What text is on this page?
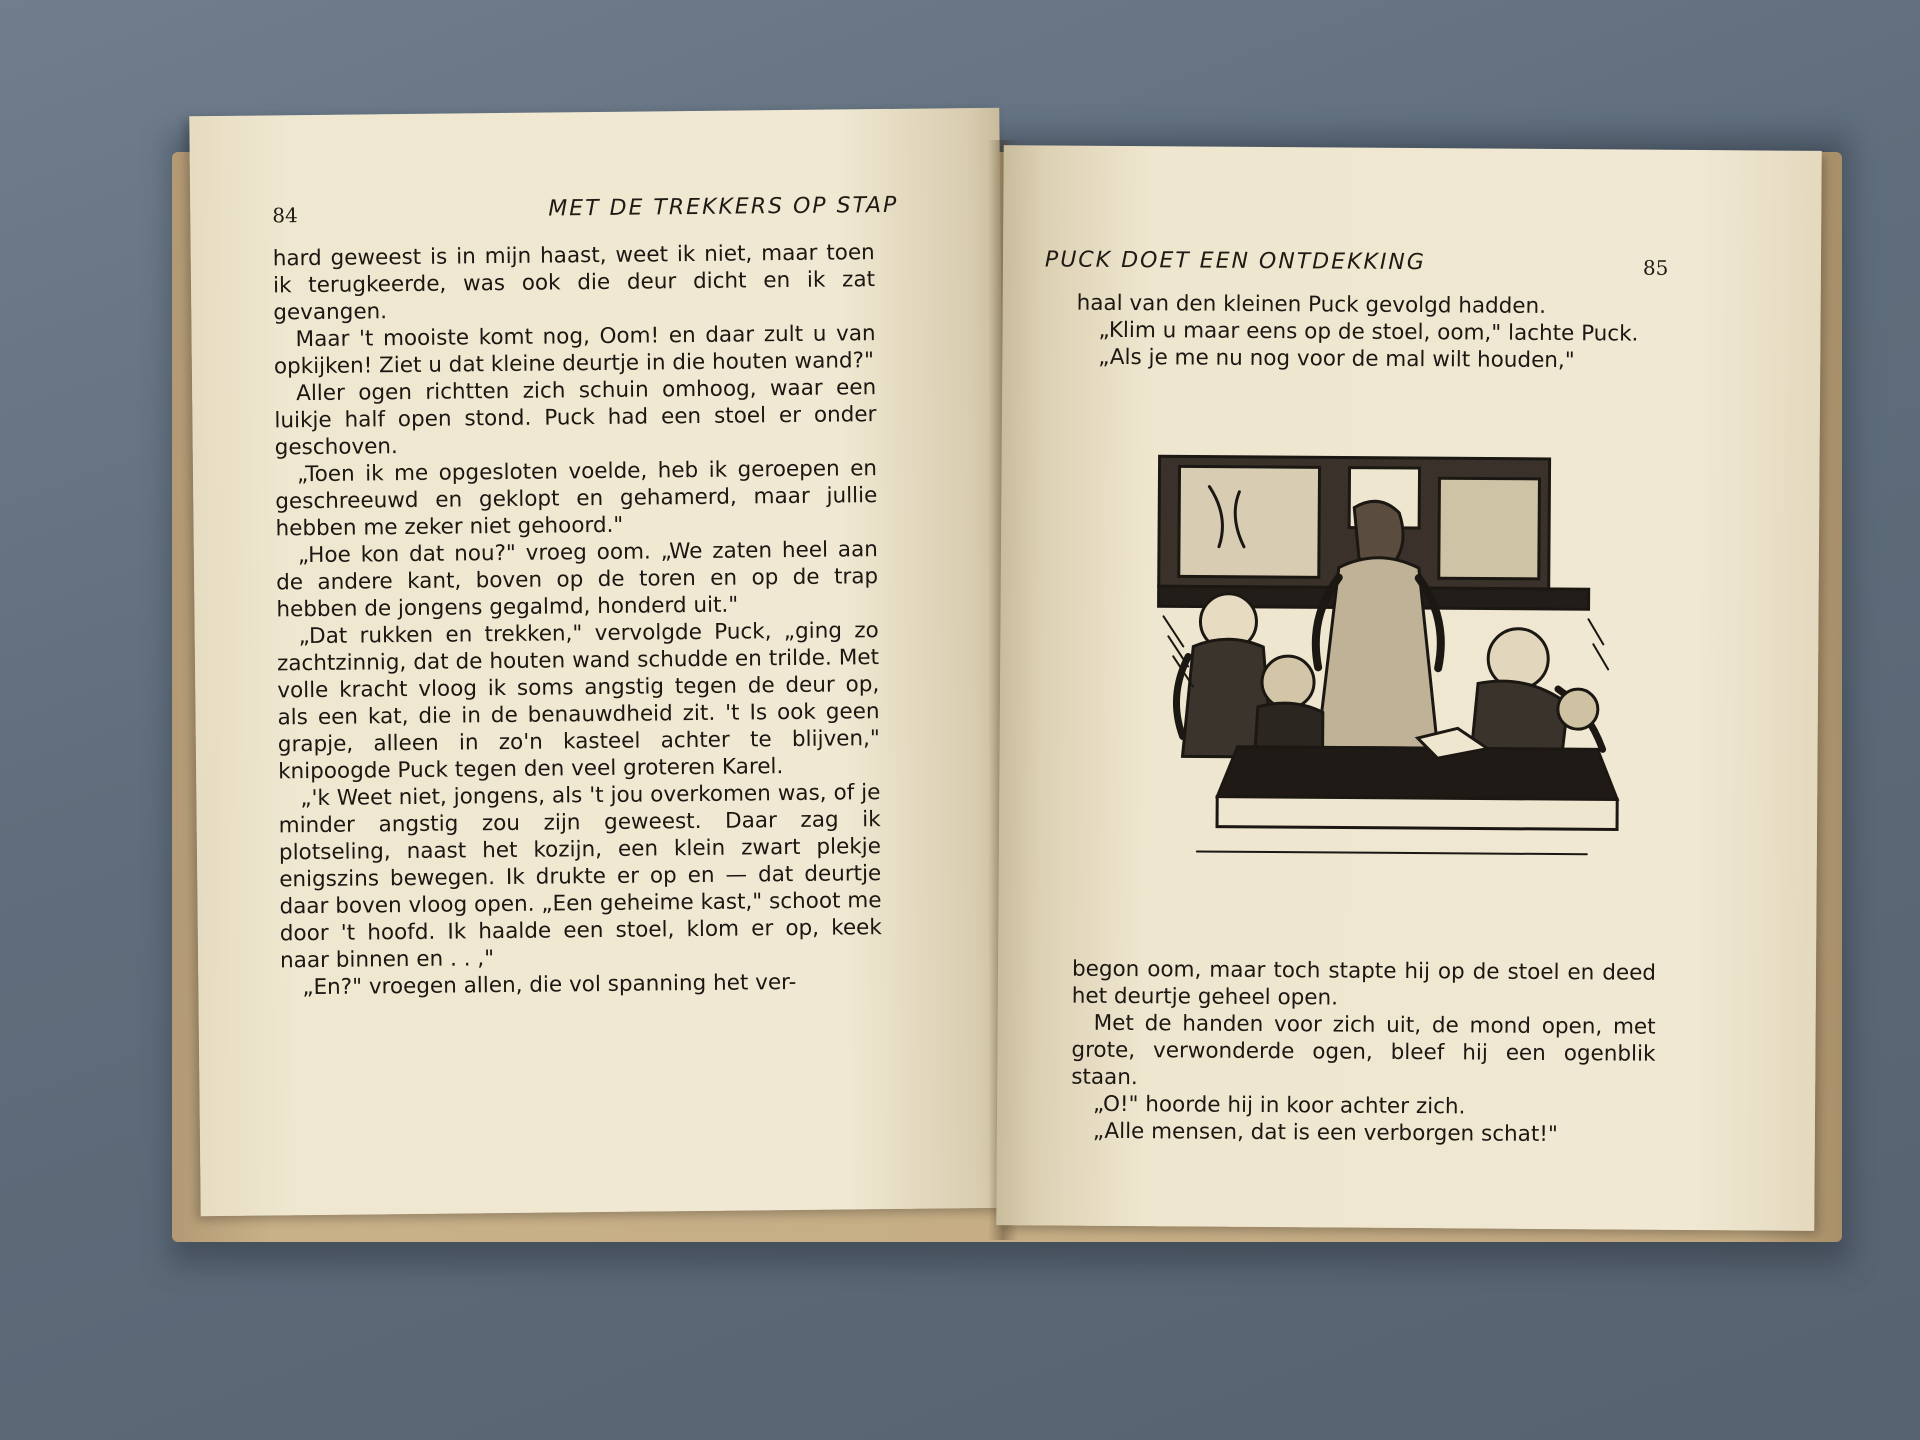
84	MET DE TREKKERS OP STAP

hard geweest is in mijn haast, weet ik niet, maar toen ik terugkeerde, was ook die deur dicht en ik zat gevangen.

Maar 't mooiste komt nog, Oom! en daar zult u van opkijken! Ziet u dat kleine deurtje in die houten wand?"

Aller ogen richtten zich schuin omhoog, waar een luikje half open stond. Puck had een stoel er onder geschoven.

„Toen ik me opgesloten voelde, heb ik geroepen en geschreeuwd en geklopt en gehamerd, maar jullie hebben me zeker niet gehoord."

„Hoe kon dat nou?" vroeg oom. „We zaten heel aan de andere kant, boven op de toren en op de trap hebben de jongens gegalmd, honderd uit."

„Dat rukken en trekken," vervolgde Puck, „ging zo zachtzinnig, dat de houten wand schudde en trilde. Met volle kracht vloog ik soms angstig tegen de deur op, als een kat, die in de benauwdheid zit. 't Is ook geen grapje, alleen in zo'n kasteel achter te blijven," knipoogde Puck tegen den veel groteren Karel.

„'k Weet niet, jongens, als 't jou overkomen was, of je minder angstig zou zijn geweest. Daar zag ik plotseling, naast het kozijn, een klein zwart plekje enigszins bewegen. Ik drukte er op en — dat deurtje daar boven vloog open. „Een geheime kast," schoot me door 't hoofd. Ik haalde een stoel, klom er op, keek naar binnen en . . ,"

„En?" vroegen allen, die vol spanning het ver-

PUCK DOET EEN ONTDEKKING	85

haal van den kleinen Puck gevolgd hadden.

„Klim u maar eens op de stoel, oom," lachte Puck.

„Als je me nu nog voor de mal wilt houden,"

begon oom, maar toch stapte hij op de stoel en deed het deurtje geheel open.

Met de handen voor zich uit, de mond open, met grote, verwonderde ogen, bleef hij een ogenblik staan.

„O!" hoorde hij in koor achter zich.

„Alle mensen, dat is een verborgen schat!"
